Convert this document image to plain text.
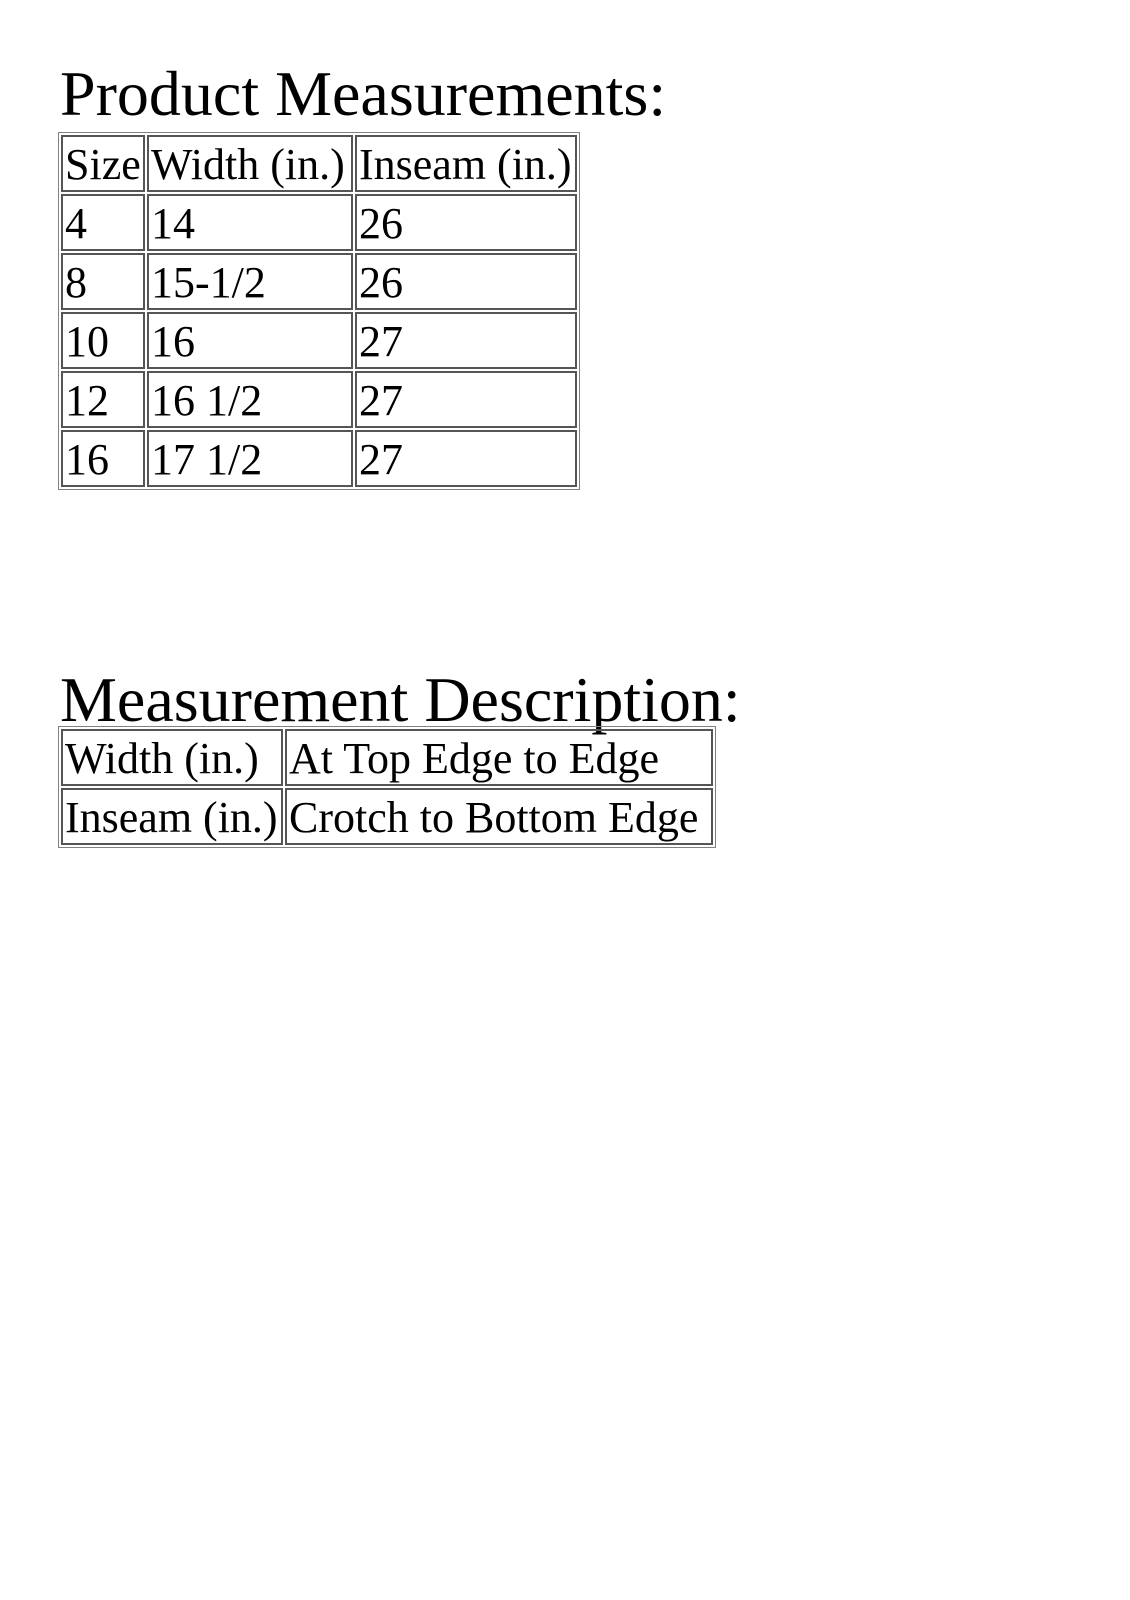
Product Measurements:
Size	Width (in.)	Inseam (in.)
4	14	26
8	15-1/2	26
10	16	27
12	16 1/2	27
16	17 1/2	27
Measurement Description:
Width (in.)	At Top Edge to Edge
Inseam (in.)	Crotch to Bottom Edge
